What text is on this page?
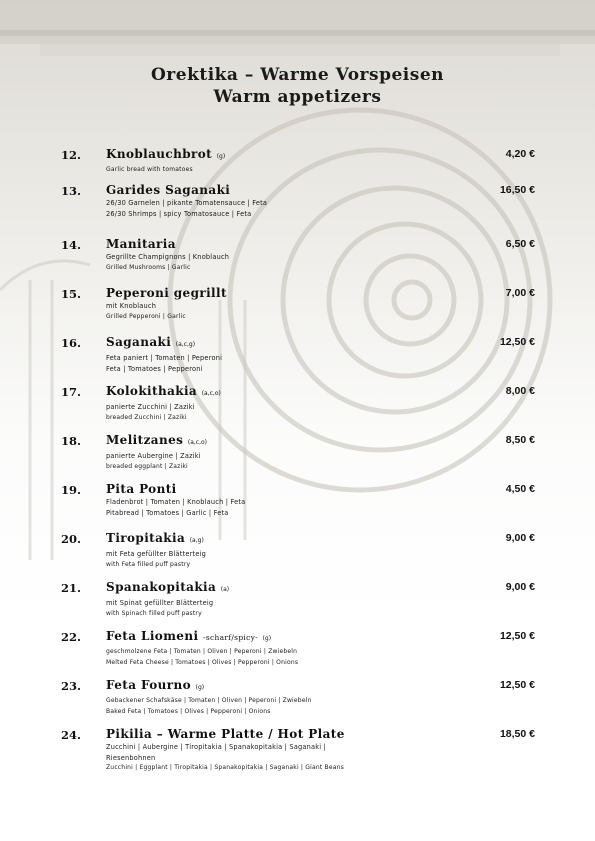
Orektika – Warme Vorspeisen
Warm appetizers
12. Knoblauchbrot (g)
Garlic bread with tomatoes
4,20 €
13. Garides Saganaki
26/30 Garnelen | pikante Tomatensauce | Feta
26/30 Shrimps | spicy Tomatosauce | Feta
16,50 €
14. Manitaria
Gegrillte Champignons | Knoblauch
Grilled Mushrooms | Garlic
6,50 €
15. Peperoni gegrillt
mit Knoblauch
Grilled Pepperoni | Garlic
7,00 €
16. Saganaki (a,c,g)
Feta paniert | Tomaten | Peperoni
Feta | Tomatoes | Pepperoni
12,50 €
17. Kolokithakia (a,c,o)
panierte Zucchini | Zaziki
breaded Zucchini | Zaziki
8,00 €
18. Melitzanes (a,c,o)
panierte Aubergine | Zaziki
breaded eggplant | Zaziki
8,50 €
19. Pita Ponti
Fladenbrot | Tomaten | Knoblauch | Feta
Pitabread | Tomatoes | Garlic | Feta
4,50 €
20. Tiropitakia (a,g)
mit Feta gefüllter Blätterteig
with Feta filled puff pastry
9,00 €
21. Spanakopitakia (a)
mit Spinat gefüllter Blätterteig
with Spinach filled puff pastry
9,00 €
22. Feta Liomeni -scharf/spicy- (g)
geschmolzene Feta | Tomaten | Oliven | Peperoni | Zwiebeln
Melted Feta Cheese | Tomatoes | Olives | Pepperoni | Onions
12,50 €
23. Feta Fourno (g)
Gebackener Schafskäse | Tomaten | Oliven | Peperoni | Zwiebeln
Baked Feta | Tomatoes | Olives | Pepperoni | Onions
12,50 €
24. Pikilia – Warme Platte / Hot Plate
Zucchini | Aubergine | Tiropitakia | Spanakopitakia | Saganaki |
Riesenbohnen
Zucchini | Eggplant | Tiropitakia | Spanakopitakia | Saganaki | Giant Beans
18,50 €
